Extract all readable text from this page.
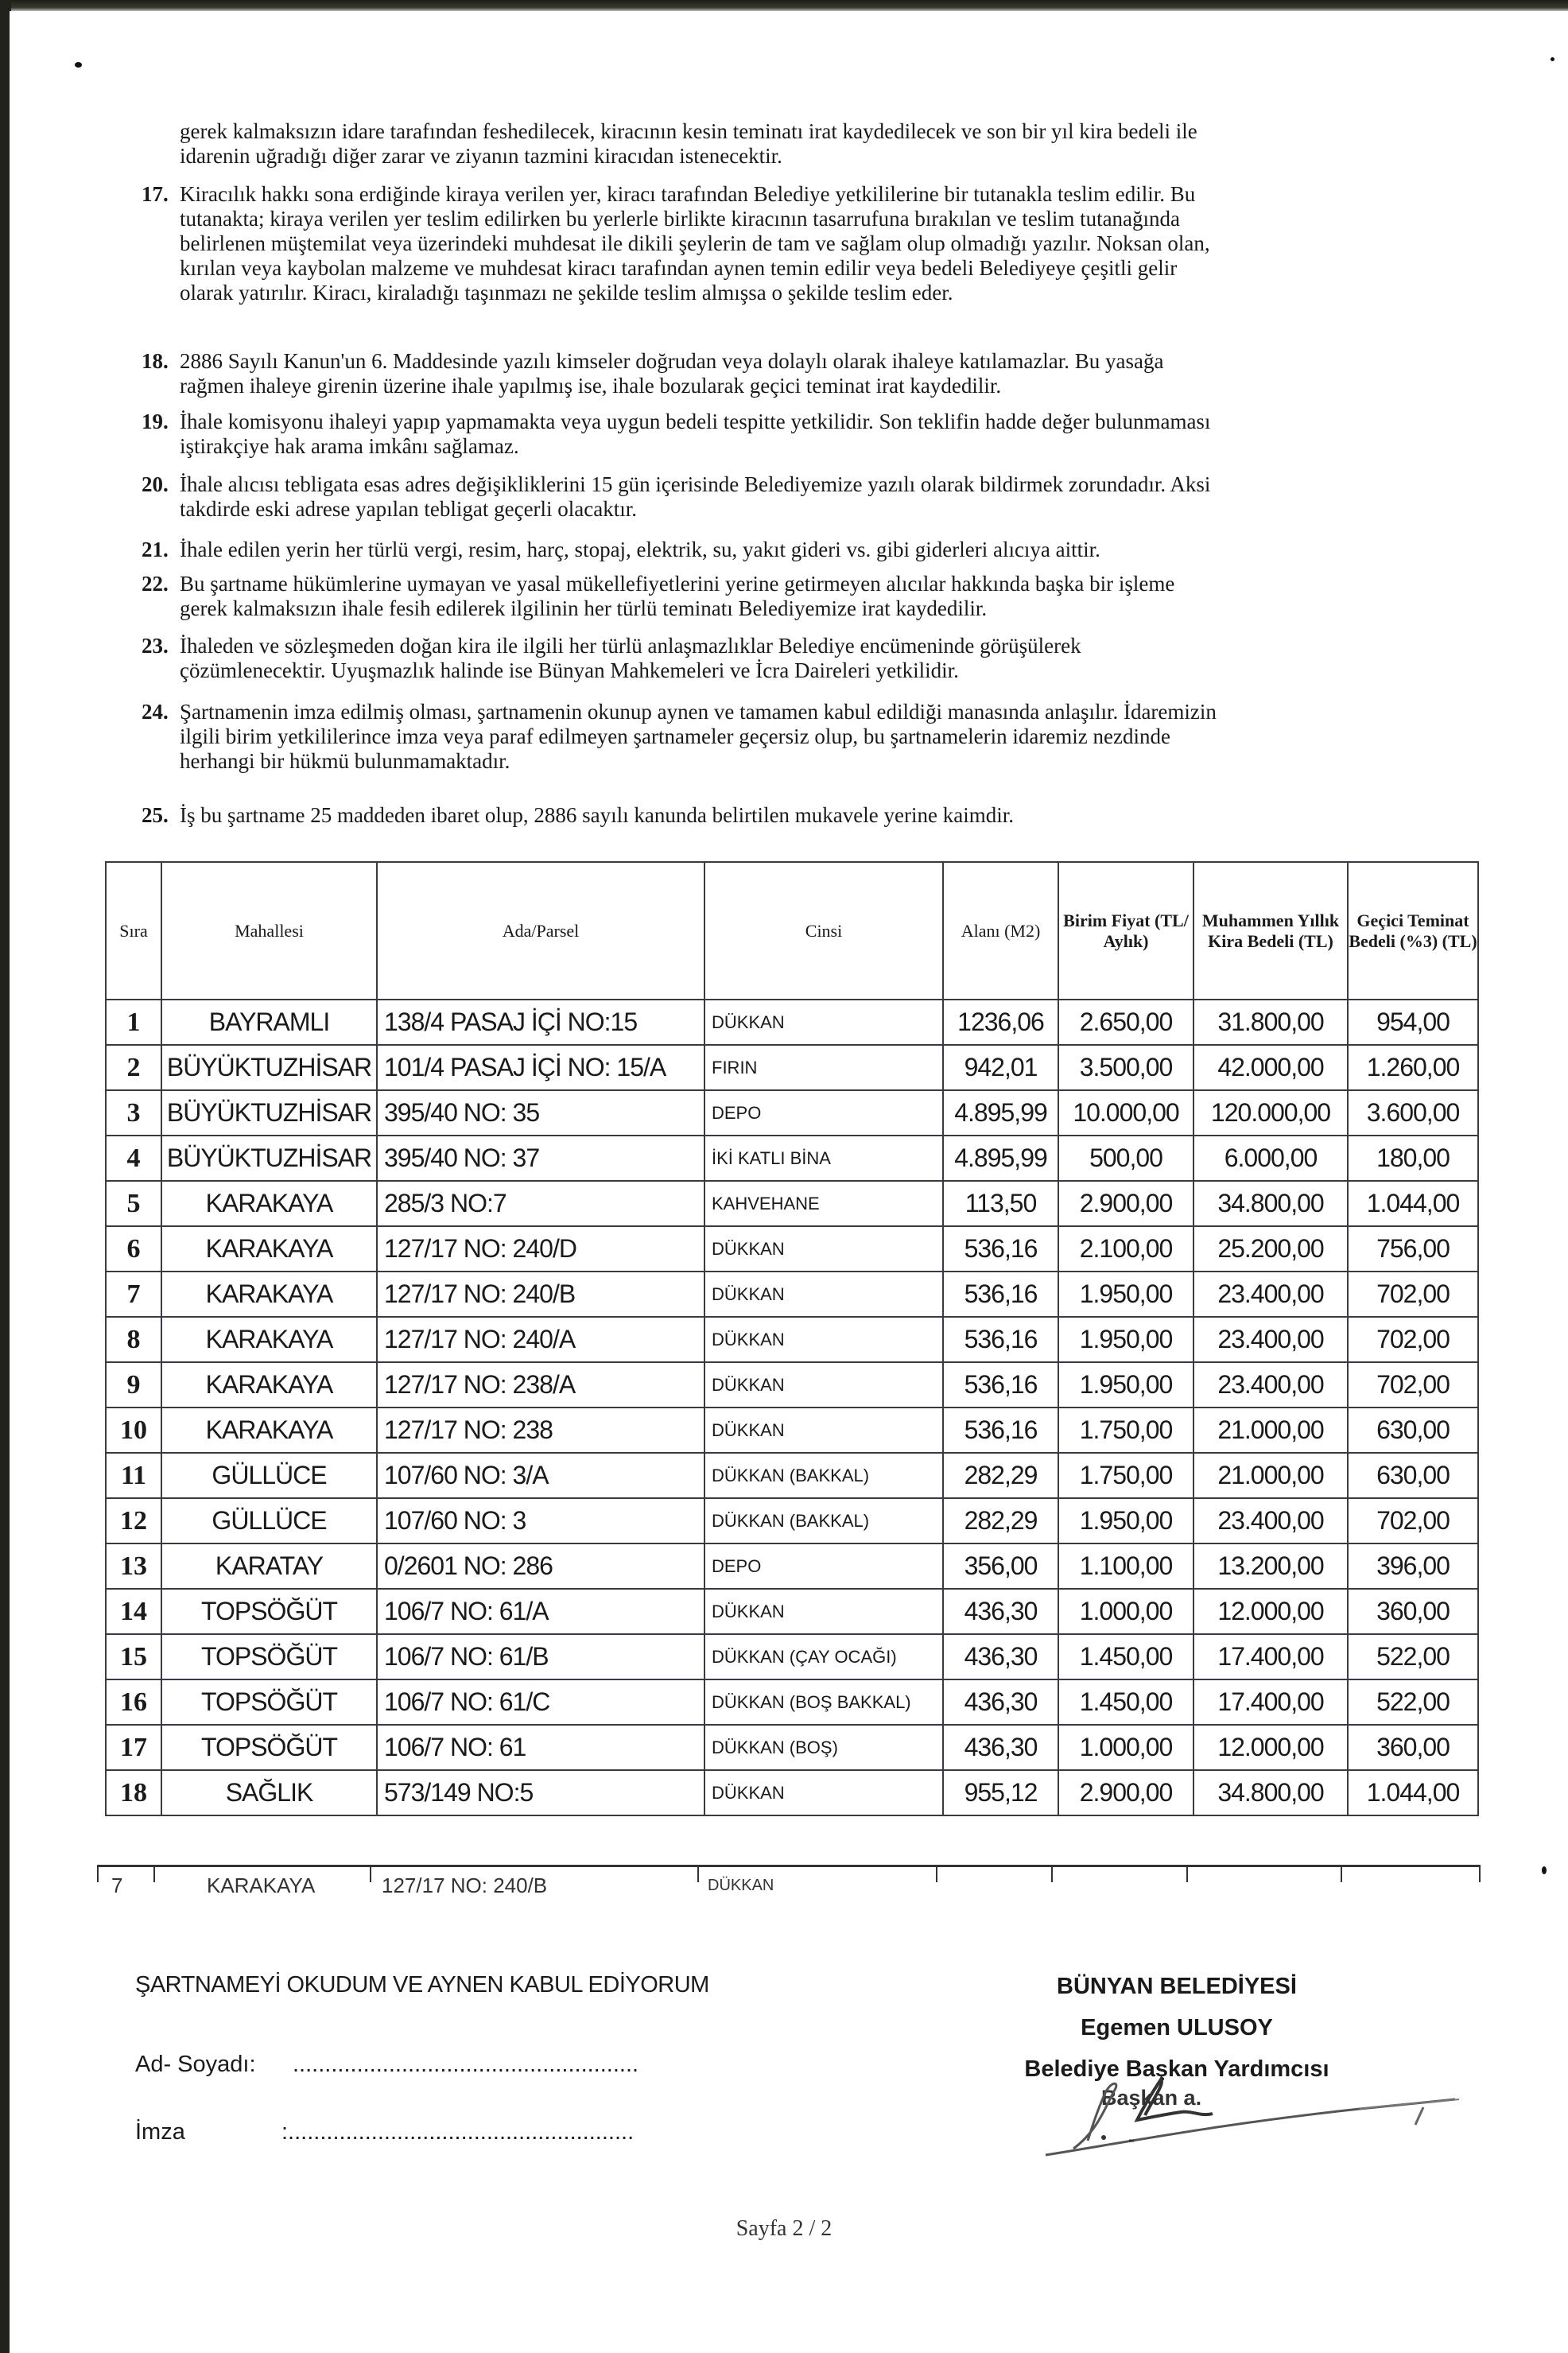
gerek kalmaksızın idare tarafından feshedilecek, kiracının kesin teminatı irat kaydedilecek ve son bir yıl kira bedeli ile
idarenin uğradığı diğer zarar ve ziyanın tazmini kiracıdan istenecektir.
17. Kiracılık hakkı sona erdiğinde kiraya verilen yer, kiracı tarafından Belediye yetkililerine bir tutanakla teslim edilir. Bu
tutanakta; kiraya verilen yer teslim edilirken bu yerlerle birlikte kiracının tasarrufuna bırakılan ve teslim tutanağında
belirlenen müştemilat veya üzerindeki muhdesat ile dikili şeylerin de tam ve sağlam olup olmadığı yazılır. Noksan olan,
kırılan veya kaybolan malzeme ve muhdesat kiracı tarafından aynen temin edilir veya bedeli Belediyeye çeşitli gelir
olarak yatırılır. Kiracı, kiraladığı taşınmazı ne şekilde teslim almışsa o şekilde teslim eder.
18. 2886 Sayılı Kanun'un 6. Maddesinde yazılı kimseler doğrudan veya dolaylı olarak ihaleye katılamazlar. Bu yasağa
rağmen ihaleye girenin üzerine ihale yapılmış ise, ihale bozularak geçici teminat irat kaydedilir.
19. İhale komisyonu ihaleyi yapıp yapmamakta veya uygun bedeli tespitte yetkilidir. Son teklifin hadde değer bulunmaması
iştirakçiye hak arama imkânı sağlamaz.
20. İhale alıcısı tebligata esas adres değişikliklerini 15 gün içerisinde Belediyemize yazılı olarak bildirmek zorundadır. Aksi
takdirde eski adrese yapılan tebligat geçerli olacaktır.
21. İhale edilen yerin her türlü vergi, resim, harç, stopaj, elektrik, su, yakıt gideri vs. gibi giderleri alıcıya aittir.
22. Bu şartname hükümlerine uymayan ve yasal mükellefiyetlerini yerine getirmeyen alıcılar hakkında başka bir işleme
gerek kalmaksızın ihale fesih edilerek ilgilinin her türlü teminatı Belediyemize irat kaydedilir.
23. İhaleden ve sözleşmeden doğan kira ile ilgili her türlü anlaşmazlıklar Belediye encümeninde görüşülerek
çözümlenecektir. Uyuşmazlık halinde ise Bünyan Mahkemeleri ve İcra Daireleri yetkilidir.
24. Şartnamenin imza edilmiş olması, şartnamenin okunup aynen ve tamamen kabul edildiği manasında anlaşılır. İdaremizin
ilgili birim yetkililerince imza veya paraf edilmeyen şartnameler geçersiz olup, bu şartnamelerin idaremiz nezdinde
herhangi bir hükmü bulunmamaktadır.
25. İş bu şartname 25 maddeden ibaret olup, 2886 sayılı kanunda belirtilen mukavele yerine kaimdir.
Sıra	Mahallesi	Ada/Parsel	Cinsi	Alanı (M2)	Birim Fiyat (TL/ Aylık)	Muhammen Yıllık Kira Bedeli (TL)	Geçici Teminat Bedeli (%3) (TL)
1	BAYRAMLI	138/4 PASAJ İÇİ NO:15	DÜKKAN	1236,06	2.650,00	31.800,00	954,00
2	BÜYÜKTUZHİSAR	101/4 PASAJ İÇİ NO: 15/A	FIRIN	942,01	3.500,00	42.000,00	1.260,00
3	BÜYÜKTUZHİSAR	395/40 NO: 35	DEPO	4.895,99	10.000,00	120.000,00	3.600,00
4	BÜYÜKTUZHİSAR	395/40 NO: 37	İKİ KATLI BİNA	4.895,99	500,00	6.000,00	180,00
5	KARAKAYA	285/3 NO:7	KAHVEHANE	113,50	2.900,00	34.800,00	1.044,00
6	KARAKAYA	127/17 NO: 240/D	DÜKKAN	536,16	2.100,00	25.200,00	756,00
7	KARAKAYA	127/17 NO: 240/B	DÜKKAN	536,16	1.950,00	23.400,00	702,00
8	KARAKAYA	127/17 NO: 240/A	DÜKKAN	536,16	1.950,00	23.400,00	702,00
9	KARAKAYA	127/17 NO: 238/A	DÜKKAN	536,16	1.950,00	23.400,00	702,00
10	KARAKAYA	127/17 NO: 238	DÜKKAN	536,16	1.750,00	21.000,00	630,00
11	GÜLLÜCE	107/60 NO: 3/A	DÜKKAN (BAKKAL)	282,29	1.750,00	21.000,00	630,00
12	GÜLLÜCE	107/60 NO: 3	DÜKKAN (BAKKAL)	282,29	1.950,00	23.400,00	702,00
13	KARATAY	0/2601 NO: 286	DEPO	356,00	1.100,00	13.200,00	396,00
14	TOPSÖĞÜT	106/7 NO: 61/A	DÜKKAN	436,30	1.000,00	12.000,00	360,00
15	TOPSÖĞÜT	106/7 NO: 61/B	DÜKKAN (ÇAY OCAĞI)	436,30	1.450,00	17.400,00	522,00
16	TOPSÖĞÜT	106/7 NO: 61/C	DÜKKAN (BOŞ BAKKAL)	436,30	1.450,00	17.400,00	522,00
17	TOPSÖĞÜT	106/7 NO: 61	DÜKKAN (BOŞ)	436,30	1.000,00	12.000,00	360,00
18	SAĞLIK	573/149 NO:5	DÜKKAN	955,12	2.900,00	34.800,00	1.044,00
ŞARTNAMEYİ OKUDUM VE AYNEN KABUL EDİYORUM
Ad- Soyadı: ......................................................
İmza	:......................................................
BÜNYAN BELEDİYESİ
Egemen ULUSOY
Belediye Başkan Yardımcısı
Başkan a.
Sayfa 2 / 2
